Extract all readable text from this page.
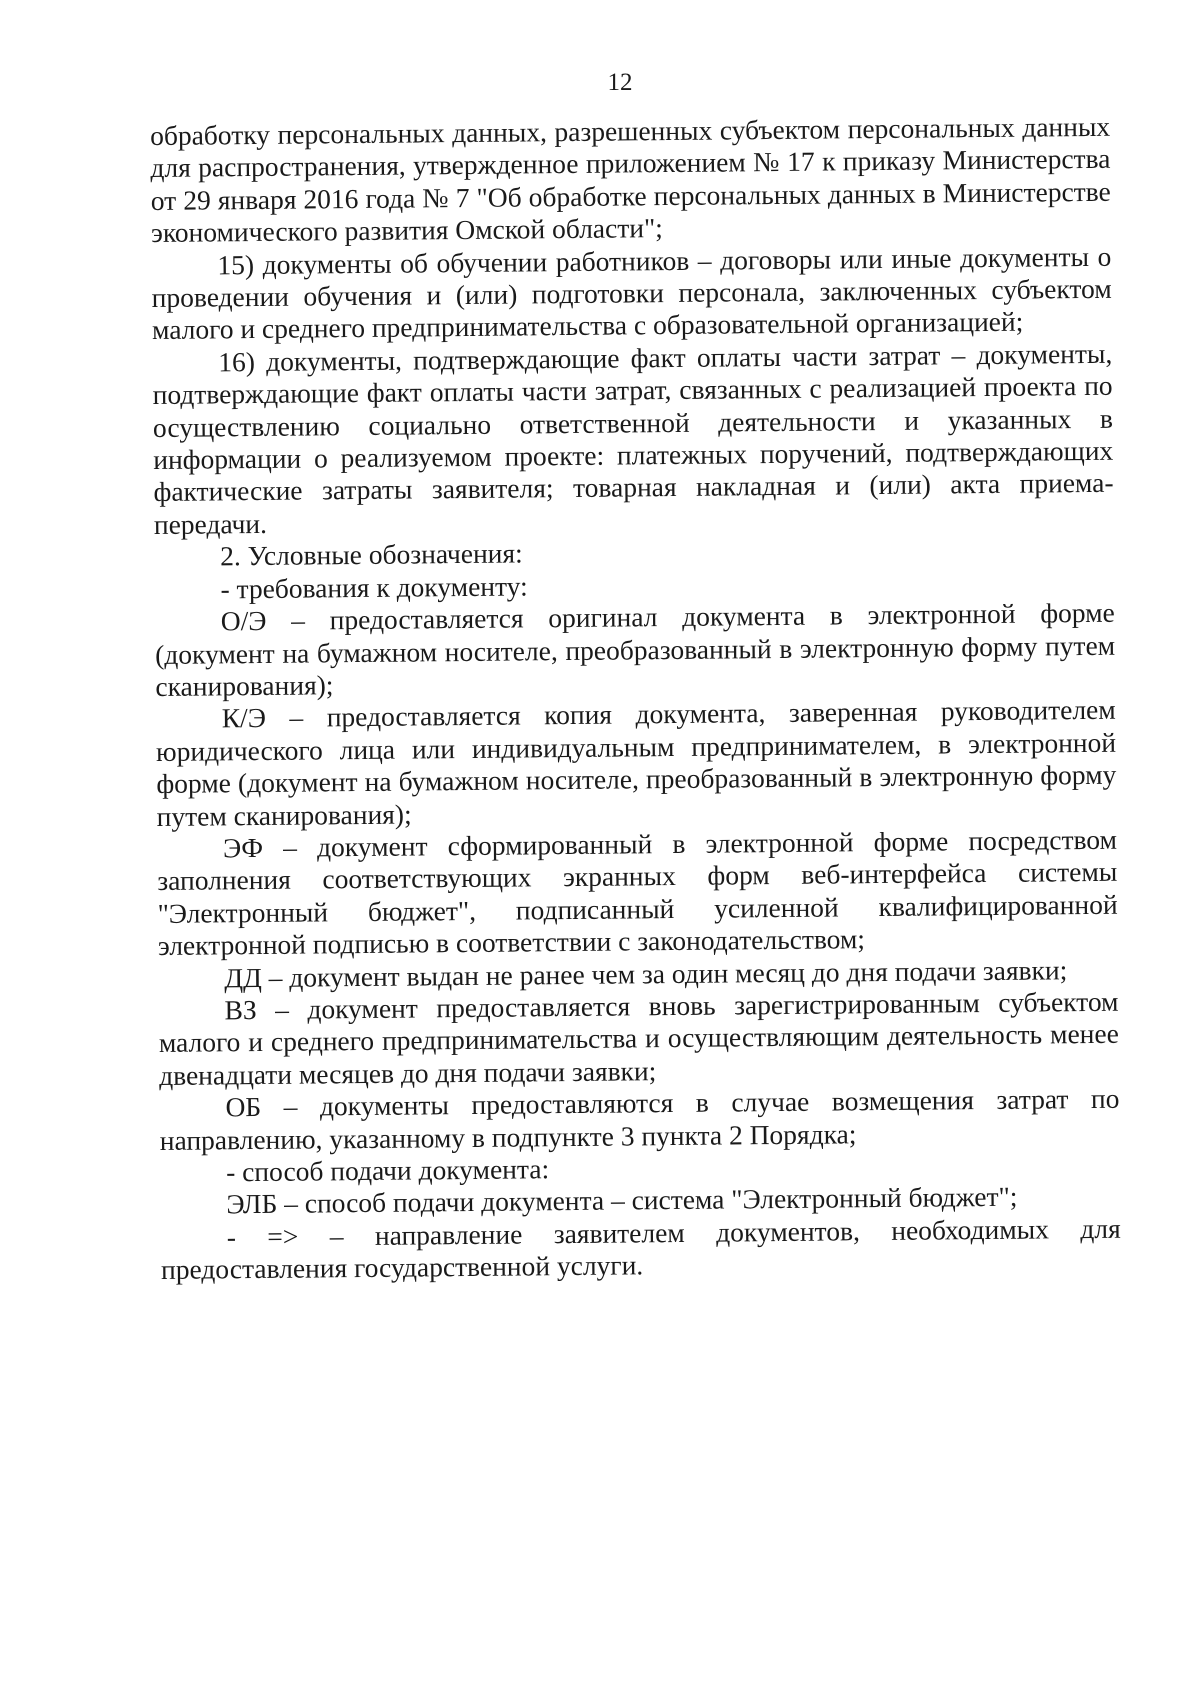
12

обработку персональных данных, разрешенных субъектом персональных данных для распространения, утвержденное приложением № 17 к приказу Министерства от 29 января 2016 года № 7 "Об обработке персональных данных в Министерстве экономического развития Омской области";

15) документы об обучении работников – договоры или иные документы о проведении обучения и (или) подготовки персонала, заключенных субъектом малого и среднего предпринимательства с образовательной организацией;

16) документы, подтверждающие факт оплаты части затрат – документы, подтверждающие факт оплаты части затрат, связанных с реализацией проекта по осуществлению социально ответственной деятельности и указанных в информации о реализуемом проекте: платежных поручений, подтверждающих фактические затраты заявителя; товарная накладная и (или) акта приема-передачи.

2. Условные обозначения:

- требования к документу:

О/Э – предоставляется оригинал документа в электронной форме (документ на бумажном носителе, преобразованный в электронную форму путем сканирования);

К/Э – предоставляется копия документа, заверенная руководителем юридического лица или индивидуальным предпринимателем, в электронной форме (документ на бумажном носителе, преобразованный в электронную форму путем сканирования);

ЭФ – документ сформированный в электронной форме посредством заполнения соответствующих экранных форм веб-интерфейса системы "Электронный бюджет", подписанный усиленной квалифицированной электронной подписью в соответствии с законодательством;

ДД – документ выдан не ранее чем за один месяц до дня подачи заявки;

ВЗ – документ предоставляется вновь зарегистрированным субъектом малого и среднего предпринимательства и осуществляющим деятельность менее двенадцати месяцев до дня подачи заявки;

ОБ – документы предоставляются в случае возмещения затрат по направлению, указанному в подпункте 3 пункта 2 Порядка;

- способ подачи документа:

ЭЛБ – способ подачи документа – система "Электронный бюджет";

- => – направление заявителем документов, необходимых для предоставления государственной услуги.
